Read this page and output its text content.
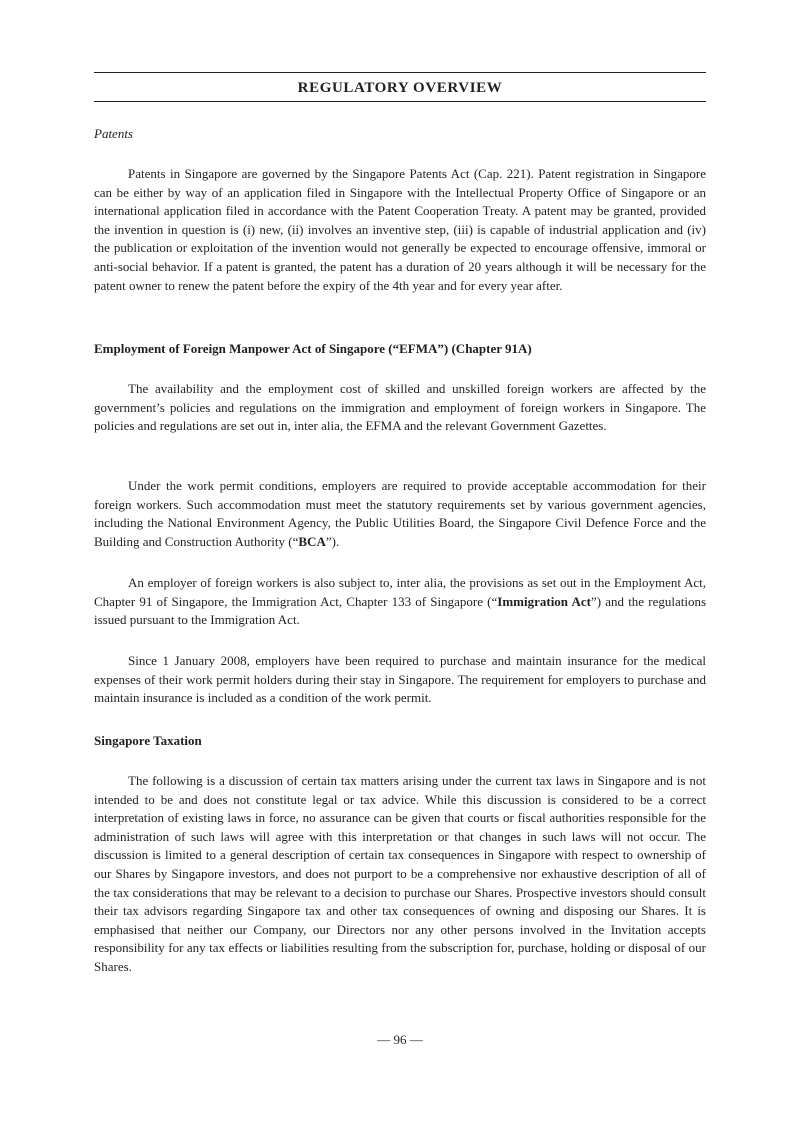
REGULATORY OVERVIEW
Patents

Patents in Singapore are governed by the Singapore Patents Act (Cap. 221). Patent registration in Singapore can be either by way of an application filed in Singapore with the Intellectual Property Office of Singapore or an international application filed in accordance with the Patent Cooperation Treaty. A patent may be granted, provided the invention in question is (i) new, (ii) involves an inventive step, (iii) is capable of industrial application and (iv) the publication or exploitation of the invention would not generally be expected to encourage offensive, immoral or anti-social behavior. If a patent is granted, the patent has a duration of 20 years although it will be necessary for the patent owner to renew the patent before the expiry of the 4th year and for every year after.

Employment of Foreign Manpower Act of Singapore (“EFMA”) (Chapter 91A)

The availability and the employment cost of skilled and unskilled foreign workers are affected by the government’s policies and regulations on the immigration and employment of foreign workers in Singapore. The policies and regulations are set out in, inter alia, the EFMA and the relevant Government Gazettes.

Under the work permit conditions, employers are required to provide acceptable accommodation for their foreign workers. Such accommodation must meet the statutory requirements set by various government agencies, including the National Environment Agency, the Public Utilities Board, the Singapore Civil Defence Force and the Building and Construction Authority (“BCA”).

An employer of foreign workers is also subject to, inter alia, the provisions as set out in the Employment Act, Chapter 91 of Singapore, the Immigration Act, Chapter 133 of Singapore (“Immigration Act”) and the regulations issued pursuant to the Immigration Act.

Since 1 January 2008, employers have been required to purchase and maintain insurance for the medical expenses of their work permit holders during their stay in Singapore. The requirement for employers to purchase and maintain insurance is included as a condition of the work permit.

Singapore Taxation

The following is a discussion of certain tax matters arising under the current tax laws in Singapore and is not intended to be and does not constitute legal or tax advice. While this discussion is considered to be a correct interpretation of existing laws in force, no assurance can be given that courts or fiscal authorities responsible for the administration of such laws will agree with this interpretation or that changes in such laws will not occur. The discussion is limited to a general description of certain tax consequences in Singapore with respect to ownership of our Shares by Singapore investors, and does not purport to be a comprehensive nor exhaustive description of all of the tax considerations that may be relevant to a decision to purchase our Shares. Prospective investors should consult their tax advisors regarding Singapore tax and other tax consequences of owning and disposing our Shares. It is emphasised that neither our Company, our Directors nor any other persons involved in the Invitation accepts responsibility for any tax effects or liabilities resulting from the subscription for, purchase, holding or disposal of our Shares.

— 96 —
